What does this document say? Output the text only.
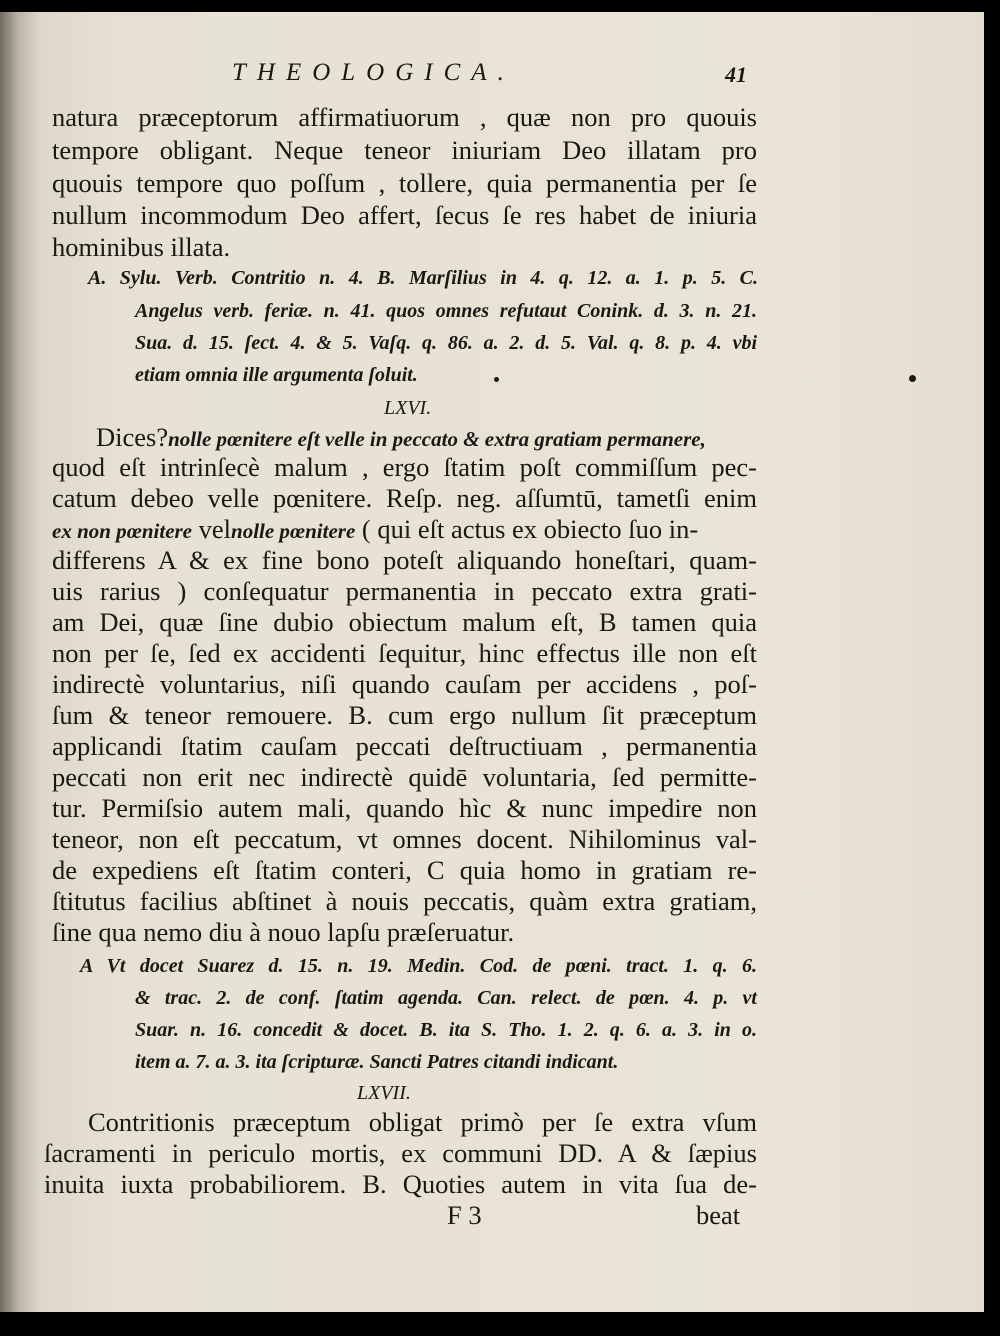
THEOLOGICA.	41
natura præceptorum affirmatiuorum , quæ non pro quouis
tempore obligant. Neque teneor iniuriam Deo illatam pro
quouis tempore quo poſſum , tollere, quia permanentia per ſe
nullum incommodum Deo affert, ſecus ſe res habet de iniuria
hominibus illata.
A. Sylu. Verb. Contritio n. 4. B. Marſilius in 4. q. 12. a. 1. p. 5. C.
Angelus verb. feriæ. n. 41. quos omnes refutaut Conink. d. 3. n. 21.
Sua. d. 15. ſect. 4. & 5. Vaſq. q. 86. a. 2. d. 5. Val. q. 8. p. 4. vbi
etiam omnia ille argumenta ſoluit.
LXVI.
Dices?nolle pœnitere eſt velle in peccato & extra gratiam permanere,
quod eſt intrinſecè malum , ergo ſtatim poſt commiſſum pec-
catum debeo velle pœnitere. Reſp. neg. aſſumtū, tametſi enim
ex non pœnitere velnolle pœnitere ( qui eſt actus ex obiecto ſuo in-
differens A & ex fine bono poteſt aliquando honeſtari, quam-
uis rarius ) conſequatur permanentia in peccato extra grati-
am Dei, quæ ſine dubio obiectum malum eſt, B tamen quia
non per ſe, ſed ex accidenti ſequitur, hinc effectus ille non eſt
indirectè voluntarius, niſi quando cauſam per accidens , poſ-
ſum & teneor remouere. B. cum ergo nullum ſit præceptum
applicandi ſtatim cauſam peccati deſtructiuam , permanentia
peccati non erit nec indirectè quidē voluntaria, ſed permitte-
tur. Permiſsio autem mali, quando hìc & nunc impedire non
teneor, non eſt peccatum, vt omnes docent. Nihilominus val-
de expediens eſt ſtatim conteri, C quia homo in gratiam re-
ſtitutus facilius abſtinet à nouis peccatis, quàm extra gratiam,
ſine qua nemo diu à nouo lapſu præſeruatur.
A Vt docet Suarez d. 15. n. 19. Medin. Cod. de pœni. tract. 1. q. 6.
& trac. 2. de conf. ſtatim agenda. Can. relect. de pœn. 4. p. vt
Suar. n. 16. concedit & docet. B. ita S. Tho. 1. 2. q. 6. a. 3. in o.
item a. 7. a. 3. ita ſcripturæ. Sancti Patres citandi indicant.
LXVII.
Contritionis præceptum obligat primò per ſe extra vſum
ſacramenti in periculo mortis, ex communi DD. A & ſæpius
inuita iuxta probabiliorem. B. Quoties autem in vita ſua de-
F 3	beat
